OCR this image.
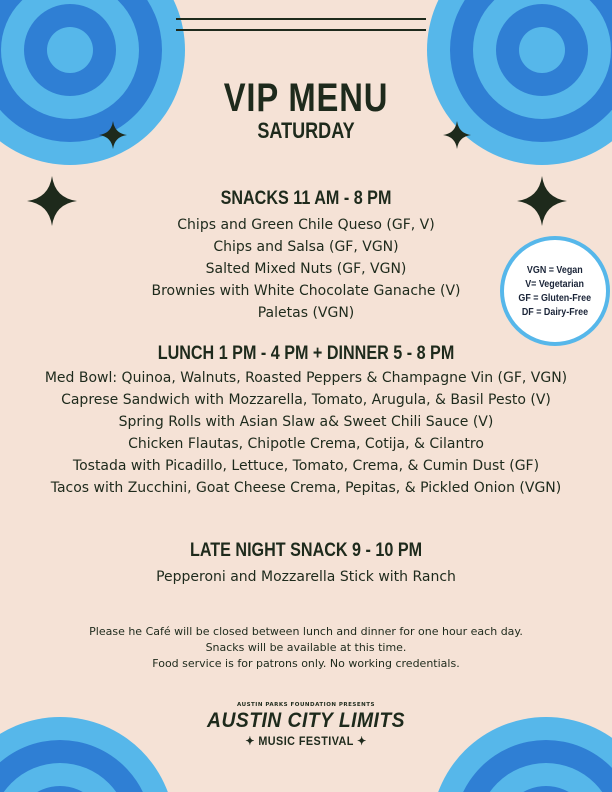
VIP MENU
SATURDAY
SNACKS 11 AM - 8 PM
Chips and Green Chile Queso (GF, V)
Chips and Salsa (GF, VGN)
Salted Mixed Nuts (GF, VGN)
Brownies with White Chocolate Ganache (V)
Paletas (VGN)
VGN = Vegan
V= Vegetarian
GF = Gluten-Free
DF = Dairy-Free
LUNCH 1 PM - 4 PM + DINNER 5 - 8 PM
Med Bowl: Quinoa, Walnuts, Roasted Peppers & Champagne Vin (GF, VGN)
Caprese Sandwich with Mozzarella, Tomato, Arugula, & Basil Pesto (V)
Spring Rolls with Asian Slaw a& Sweet Chili Sauce (V)
Chicken Flautas, Chipotle Crema, Cotija, & Cilantro
Tostada with Picadillo, Lettuce, Tomato, Crema, & Cumin Dust (GF)
Tacos with Zucchini, Goat Cheese Crema, Pepitas, & Pickled Onion (VGN)
LATE NIGHT SNACK 9 - 10 PM
Pepperoni and Mozzarella Stick with Ranch
Please he Café will be closed between lunch and dinner for one hour each day.
Snacks will be available at this time.
Food service is for patrons only. No working credentials.
AUSTIN PARKS FOUNDATION PRESENTS
AUSTIN CITY LIMITS
✦ MUSIC FESTIVAL ✦
